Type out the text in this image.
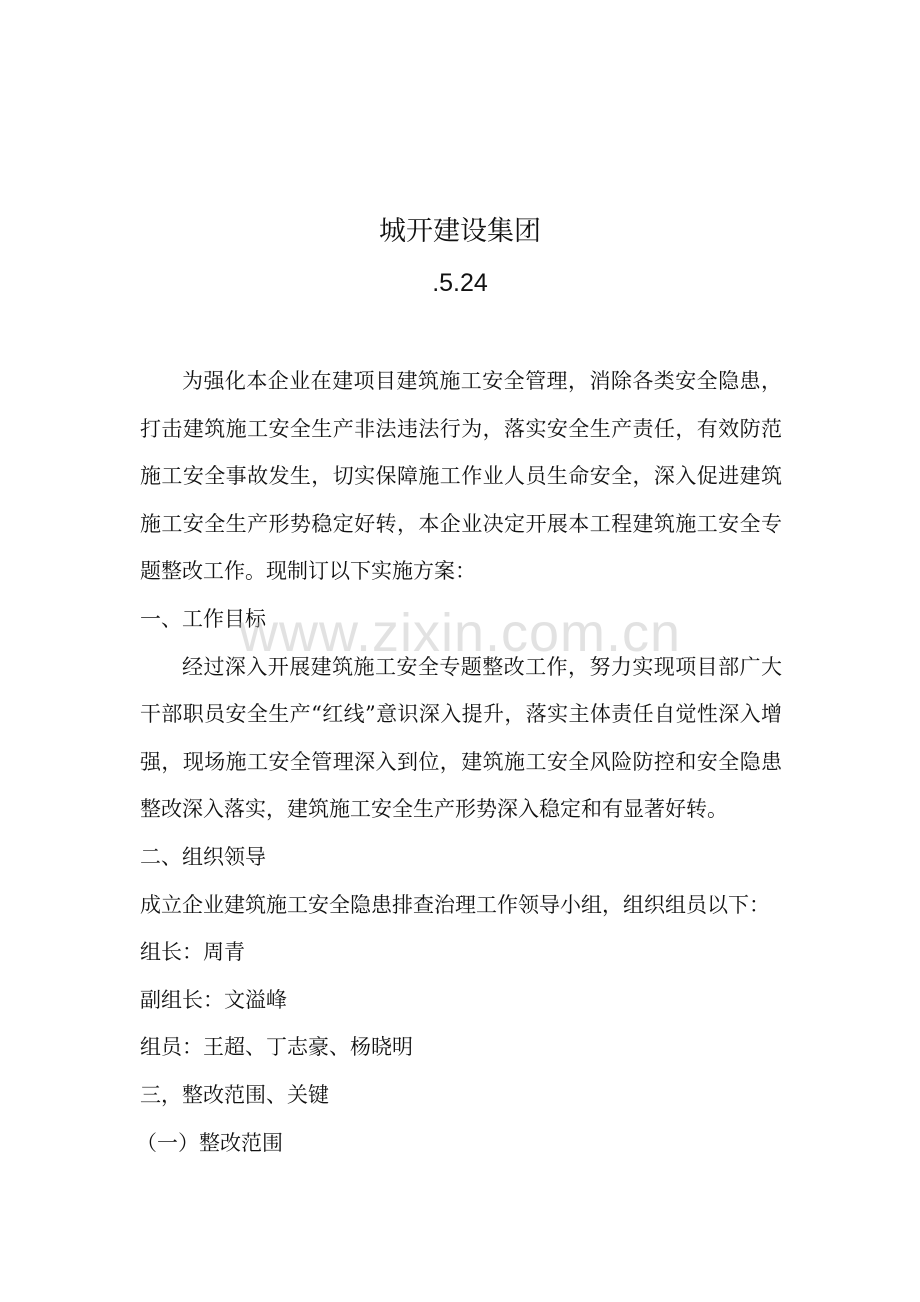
城开建设集团
.5.24

为强化本企业在建项目建筑施工安全管理，消除各类安全隐患，打击建筑施工安全生产非法违法行为，落实安全生产责任，有效防范施工安全事故发生，切实保障施工作业人员生命安全，深入促进建筑施工安全生产形势稳定好转，本企业决定开展本工程建筑施工安全专题整改工作。现制订以下实施方案：

一、工作目标

经过深入开展建筑施工安全专题整改工作，努力实现项目部广大干部职员安全生产“红线”意识深入提升，落实主体责任自觉性深入增强，现场施工安全管理深入到位，建筑施工安全风险防控和安全隐患整改深入落实，建筑施工安全生产形势深入稳定和有显著好转。

二、组织领导

成立企业建筑施工安全隐患排查治理工作领导小组，组织组员以下：

组长：周青

副组长：文溢峰

组员：王超、丁志豪、杨晓明

三，整改范围、关键

（一）整改范围

www.zixin.com.cn
